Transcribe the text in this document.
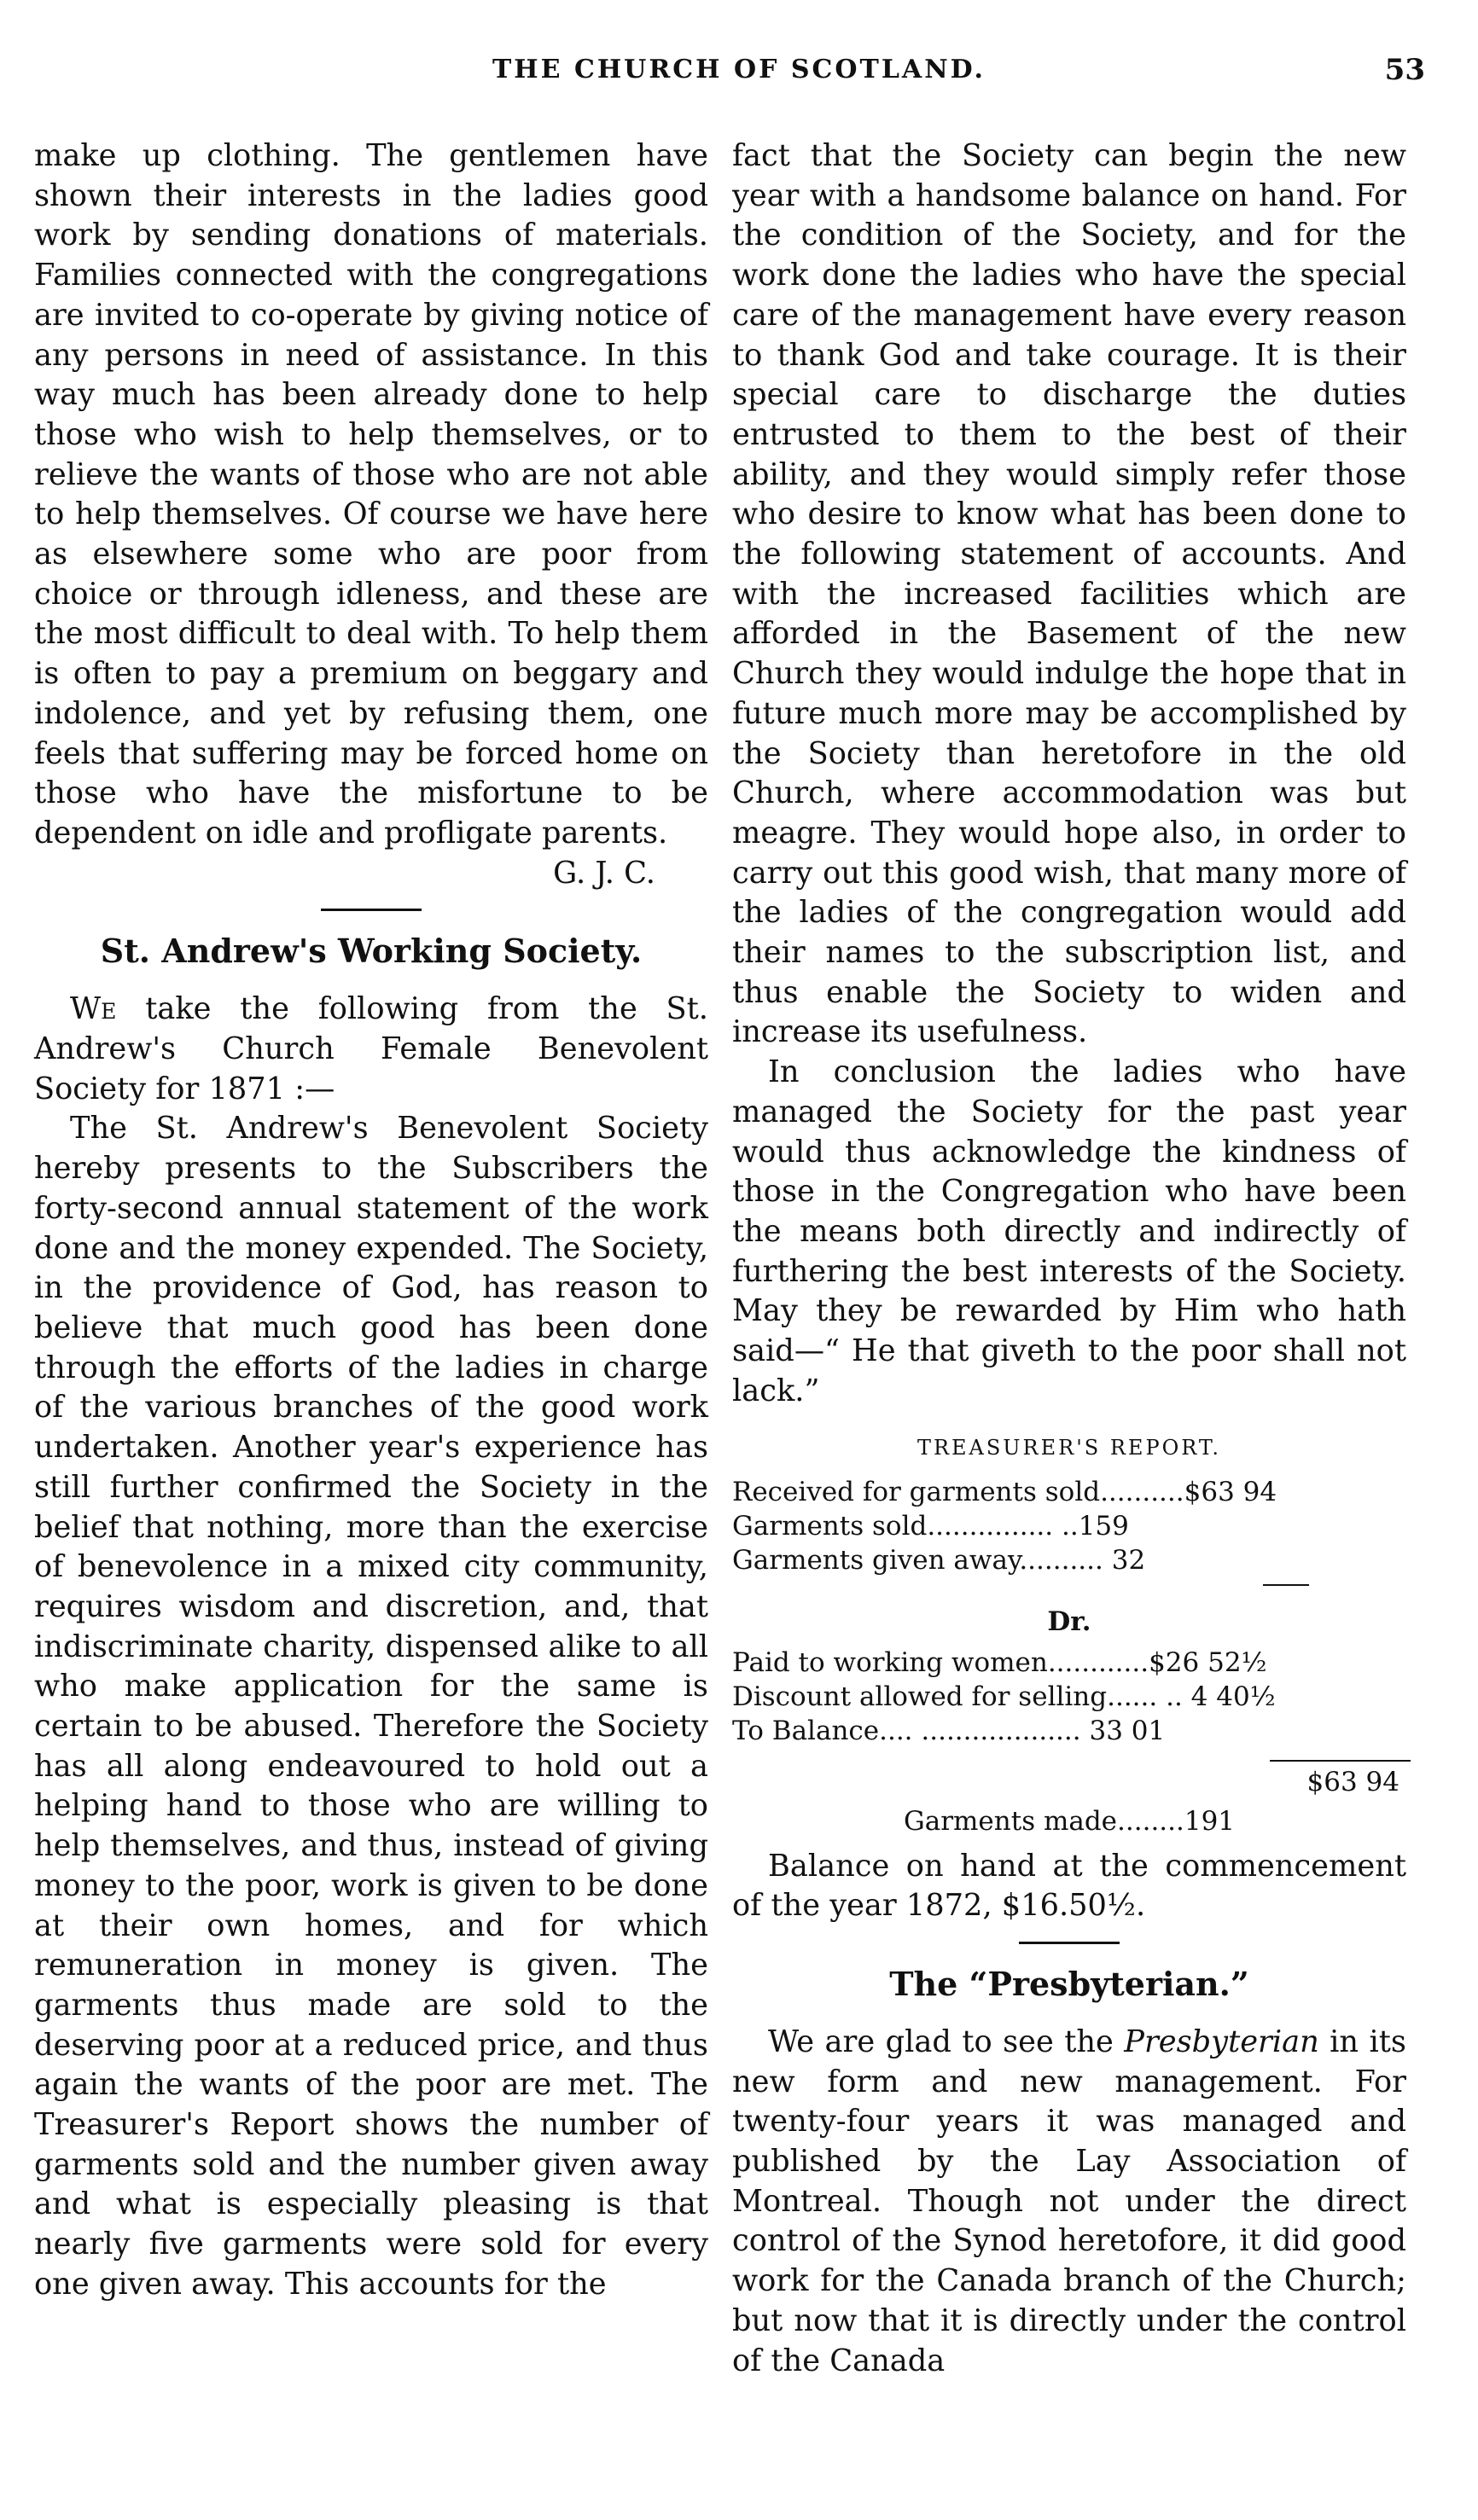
THE CHURCH OF SCOTLAND.	53

make up clothing. The gentlemen have shown their interests in the ladies good work by sending donations of materials. Families connected with the congregations are invited to co-operate by giving notice of any persons in need of assistance. In this way much has been already done to help those who wish to help themselves, or to relieve the wants of those who are not able to help themselves. Of course we have here as elsewhere some who are poor from choice or through idleness, and these are the most difficult to deal with. To help them is often to pay a premium on beggary and indolence, and yet by refusing them, one feels that suffering may be forced home on those who have the misfortune to be dependent on idle and profligate parents.

G. J. C.

St. Andrew's Working Society.

We take the following from the St. Andrew's Church Female Benevolent Society for 1871 :—

The St. Andrew's Benevolent Society hereby presents to the Subscribers the forty-second annual statement of the work done and the money expended. The Society, in the providence of God, has reason to believe that much good has been done through the efforts of the ladies in charge of the various branches of the good work undertaken. Another year's experience has still further confirmed the Society in the belief that nothing, more than the exercise of benevolence in a mixed city community, requires wisdom and discretion, and, that indiscriminate charity, dispensed alike to all who make application for the same is certain to be abused. Therefore the Society has all along endeavoured to hold out a helping hand to those who are willing to help themselves, and thus, instead of giving money to the poor, work is given to be done at their own homes, and for which remuneration in money is given. The garments thus made are sold to the deserving poor at a reduced price, and thus again the wants of the poor are met. The Treasurer's Report shows the number of garments sold and the number given away and what is especially pleasing is that nearly five garments were sold for every one given away. This accounts for the

fact that the Society can begin the new year with a handsome balance on hand. For the condition of the Society, and for the work done the ladies who have the special care of the management have every reason to thank God and take courage. It is their special care to discharge the duties entrusted to them to the best of their ability, and they would simply refer those who desire to know what has been done to the following statement of accounts. And with the increased facilities which are afforded in the Basement of the new Church they would indulge the hope that in future much more may be accomplished by the Society than heretofore in the old Church, where accommodation was but meagre. They would hope also, in order to carry out this good wish, that many more of the ladies of the congregation would add their names to the subscription list, and thus enable the Society to widen and increase its usefulness.

In conclusion the ladies who have managed the Society for the past year would thus acknowledge the kindness of those in the Congregation who have been the means both directly and indirectly of furthering the best interests of the Society. May they be rewarded by Him who hath said—“ He that giveth to the poor shall not lack.”

TREASURER'S REPORT.
Received for garments sold..........$63 94
Garments sold............... ..159
Garments given away.......... 32
Dr.
Paid to working women............$26 52½
Discount allowed for selling...... .. 4 40½
To Balance.... ................... 33 01
$63 94
Garments made........191

Balance on hand at the commencement of the year 1872, $16.50½.

The “Presbyterian.”

We are glad to see the Presbyterian in its new form and new management. For twenty-four years it was managed and published by the Lay Association of Montreal. Though not under the direct control of the Synod heretofore, it did good work for the Canada branch of the Church; but now that it is directly under the control of the Canada
